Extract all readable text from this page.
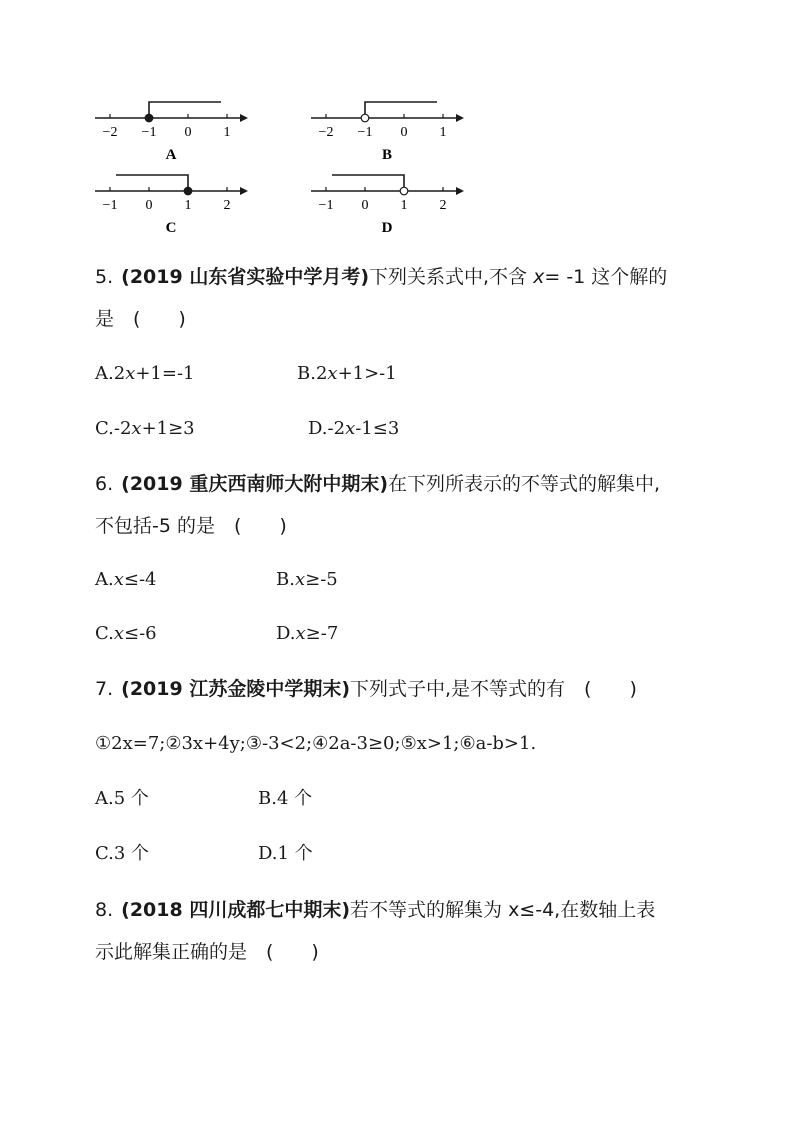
−2 −1 0 1
A
−2 −1 0 1
B
−1 0 1 2
C
−1 0 1 2
D
5. (2019 山东省实验中学月考)下列关系式中,不含 x= -1 这个解的
是　(　　)
A.2x+1=-1	B.2x+1>-1
C.-2x+1≥3	D.-2x-1≤3
6. (2019 重庆西南师大附中期末)在下列所表示的不等式的解集中,
不包括-5 的是　(　　)
A.x≤-4	B.x≥-5
C.x≤-6	D.x≥-7
7. (2019 江苏金陵中学期末)下列式子中,是不等式的有　(　　)
①2x=7;②3x+4y;③-3<2;④2a-3≥0;⑤x>1;⑥a-b>1.
A.5 个	B.4 个
C.3 个	D.1 个
8. (2018 四川成都七中期末)若不等式的解集为 x≤-4,在数轴上表
示此解集正确的是　(　　)
